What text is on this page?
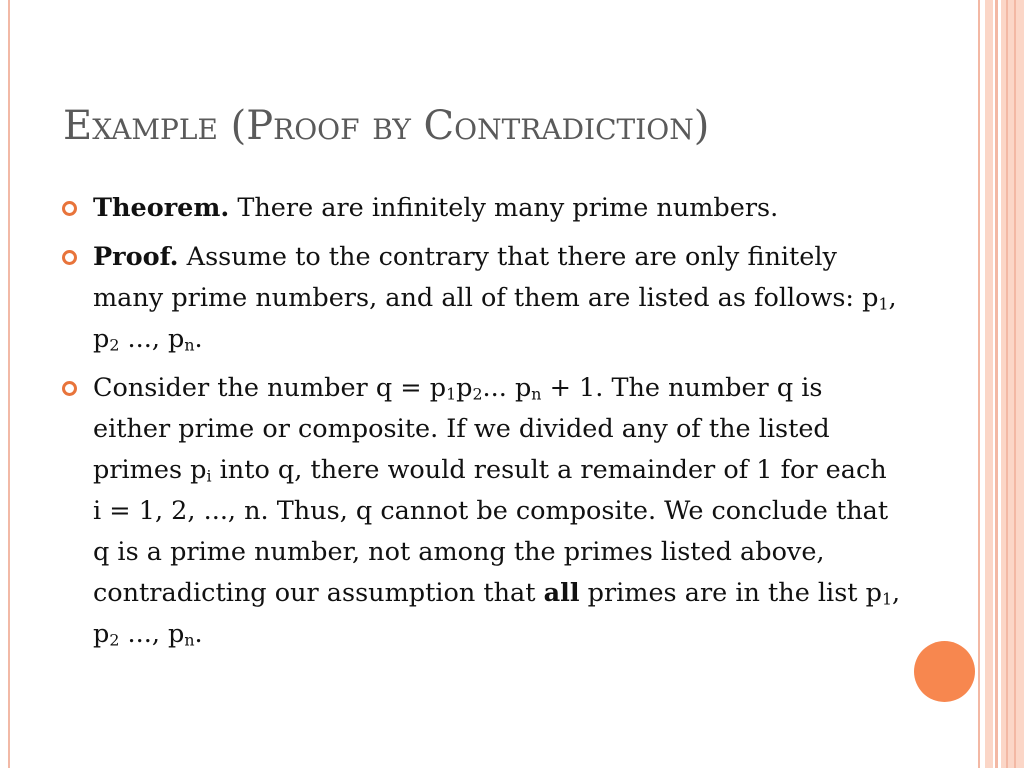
Example (Proof by Contradiction)
Theorem. There are infinitely many prime numbers.
Proof. Assume to the contrary that there are only finitely many prime numbers, and all of them are listed as follows: $p_1$, $p_2$ ..., $p_n$.
Consider the number $q = p_1p_2$... $p_n + 1$. The number q is either prime or composite. If we divided any of the listed primes $p_i$ into q, there would result a remainder of 1 for each i = 1, 2, ..., n. Thus, q cannot be composite. We conclude that q is a prime number, not among the primes listed above, contradicting our assumption that all primes are in the list $p_1$, $p_2$ ..., $p_n$.
